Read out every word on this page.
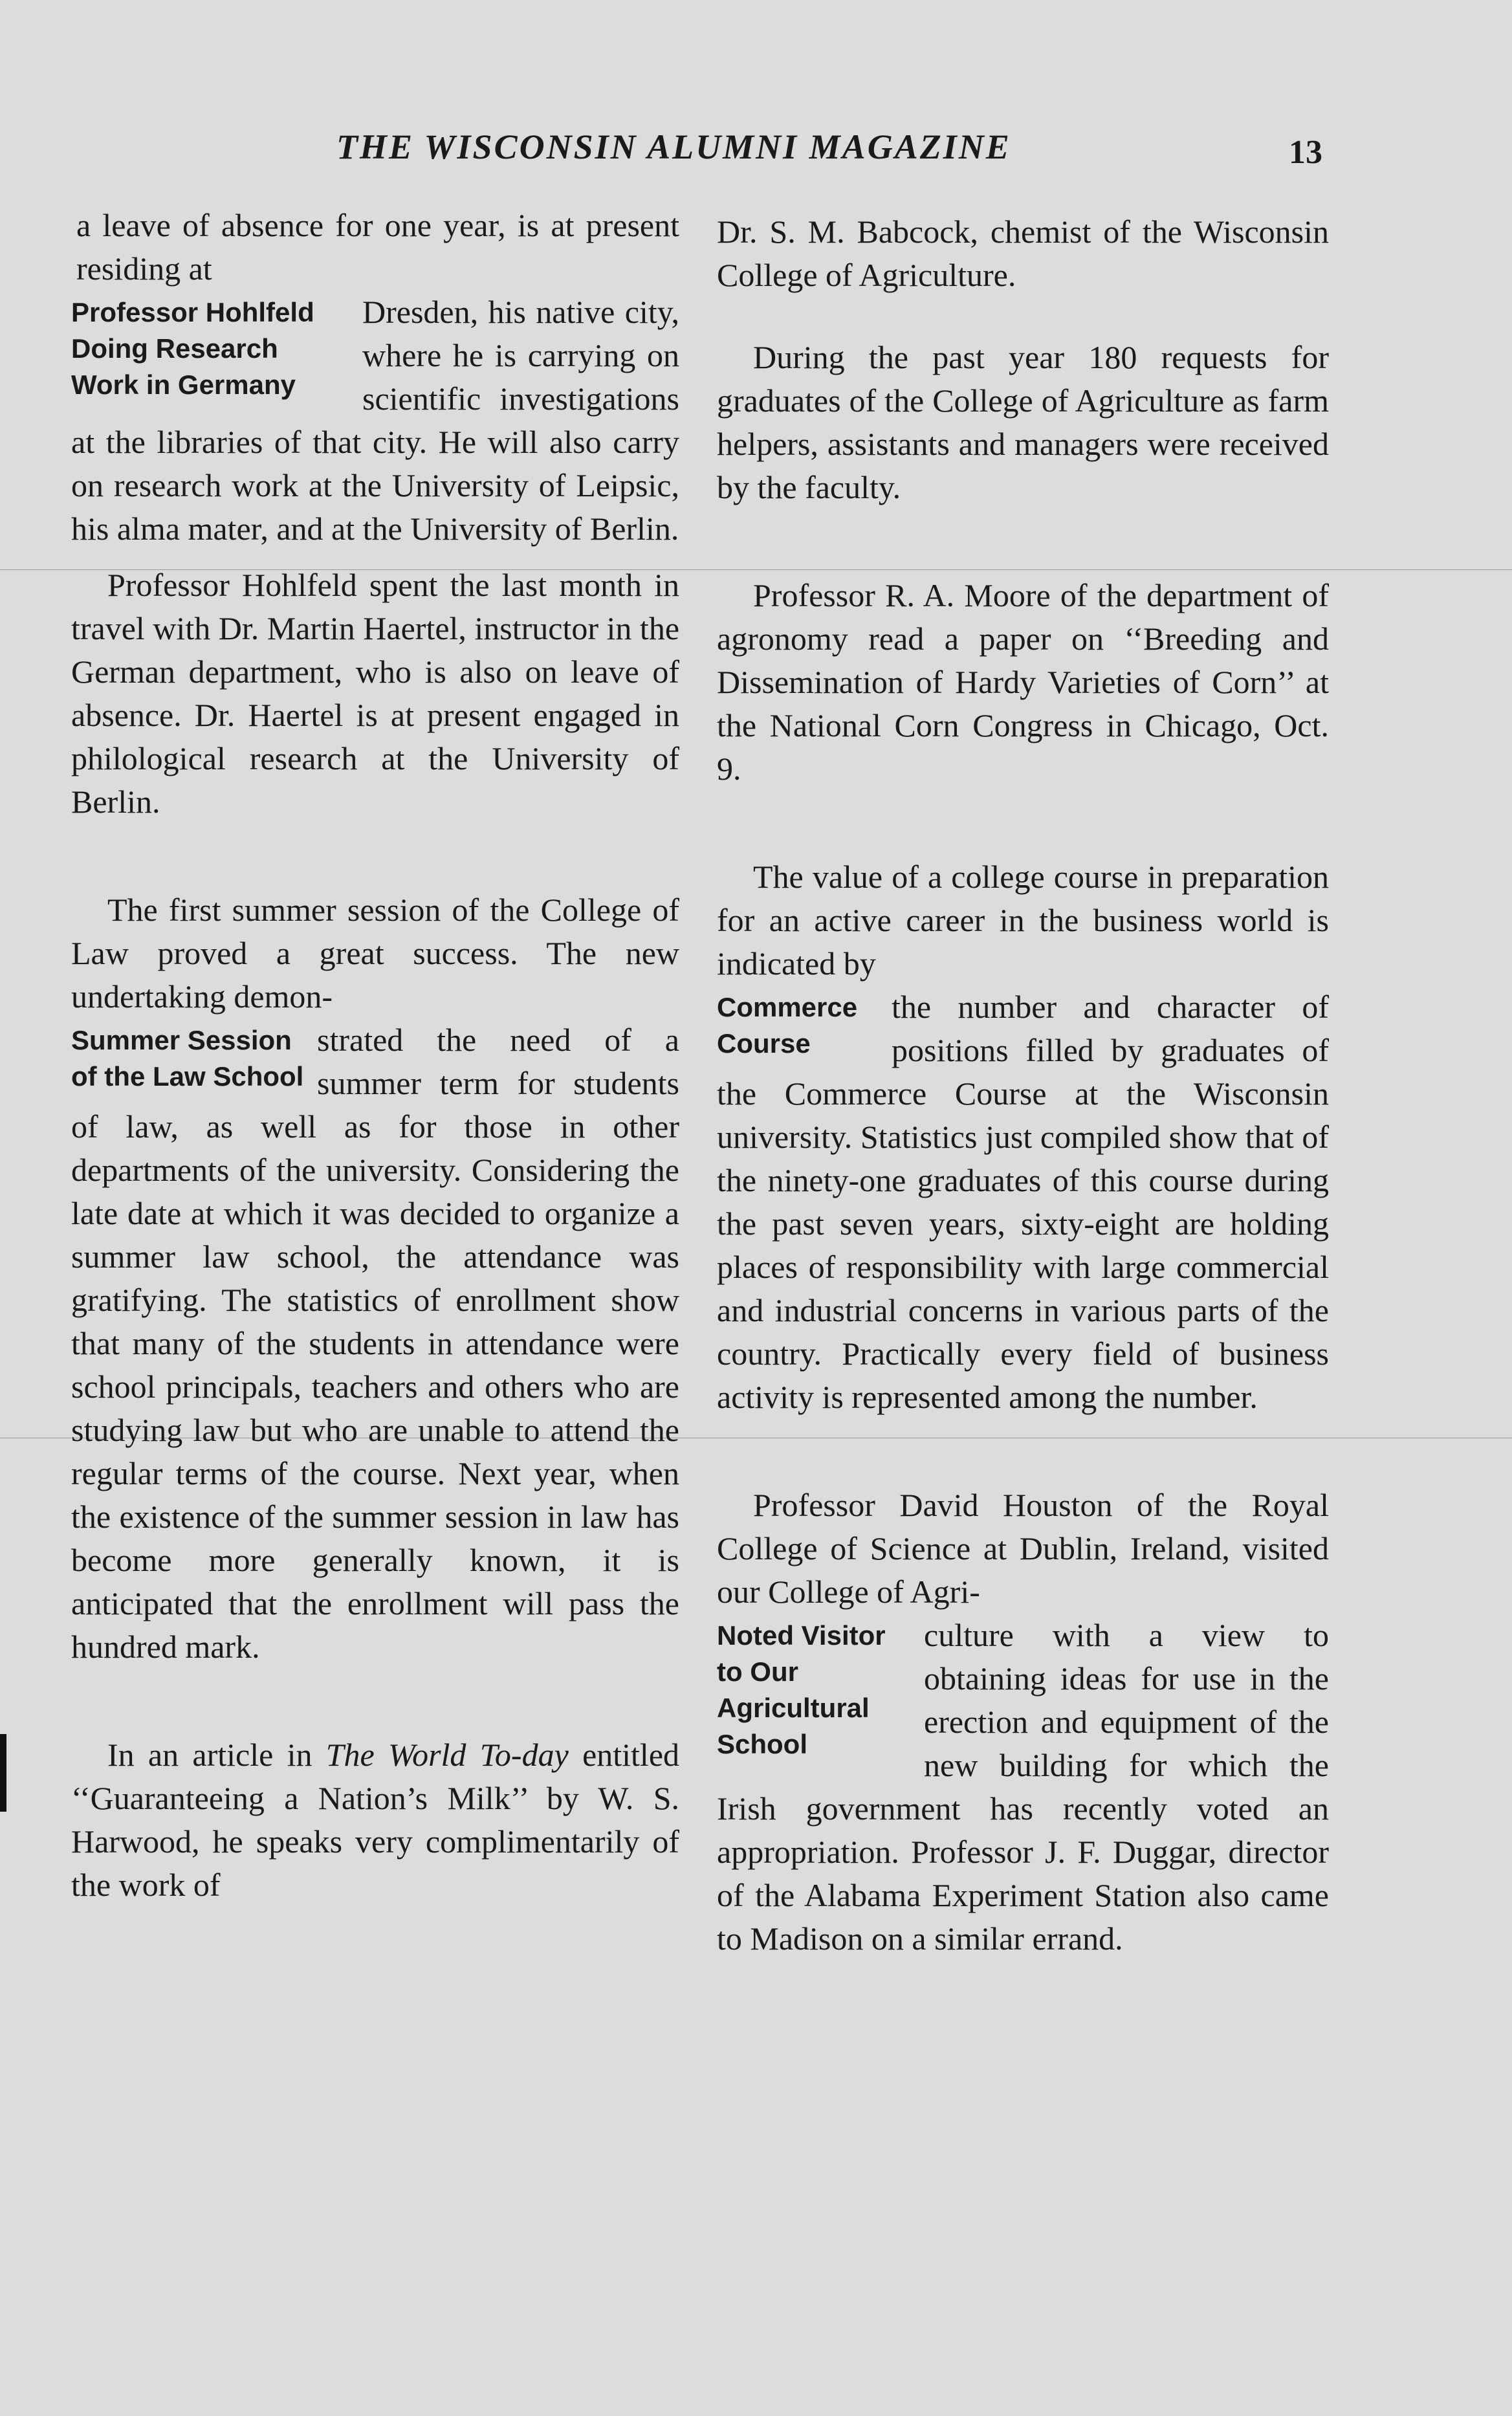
THE WISCONSIN ALUMNI MAGAZINE	13

a leave of absence for one year, is at present residing at

Professor Hohlfeld Doing Research Work in Germany

Dresden, his native city, where he is carrying on scientific investigations at the libraries of that city. He will also carry on research work at the University of Leipsic, his alma mater, and at the University of Berlin.

Professor Hohlfeld spent the last month in travel with Dr. Martin Haertel, instructor in the German department, who is also on leave of absence. Dr. Haertel is at present engaged in philological research at the University of Berlin.

The first summer session of the College of Law proved a great success. The new undertaking demon-

Summer Session of the Law School

strated the need of a summer term for students of law, as well as for those in other departments of the university. Considering the late date at which it was decided to organize a summer law school, the attendance was gratifying. The statistics of enrollment show that many of the students in attendance were school principals, teachers and others who are studying law but who are unable to attend the regular terms of the course. Next year, when the existence of the summer session in law has become more generally known, it is anticipated that the enrollment will pass the hundred mark.

In an article in The World To-day entitled ‘‘Guaranteeing a Nation’s Milk’’ by W. S. Harwood, he speaks very complimentarily of the work of

Dr. S. M. Babcock, chemist of the Wisconsin College of Agriculture.

During the past year 180 requests for graduates of the College of Agriculture as farm helpers, assistants and managers were received by the faculty.

Professor R. A. Moore of the department of agronomy read a paper on ‘‘Breeding and Dissemination of Hardy Varieties of Corn’’ at the National Corn Congress in Chicago, Oct. 9.

The value of a college course in preparation for an active career in the business world is indicated by

Commerce Course

the number and character of positions filled by graduates of the Commerce Course at the Wisconsin university. Statistics just compiled show that of the ninety-one graduates of this course during the past seven years, sixty-eight are holding places of responsibility with large commercial and industrial concerns in various parts of the country. Practically every field of business activity is represented among the number.

Professor David Houston of the Royal College of Science at Dublin, Ireland, visited our College of Agri-

Noted Visitor to Our Agricultural School

culture with a view to obtaining ideas for use in the erection and equipment of the new building for which the Irish government has recently voted an appropriation. Professor J. F. Duggar, director of the Alabama Experiment Station also came to Madison on a similar errand.
